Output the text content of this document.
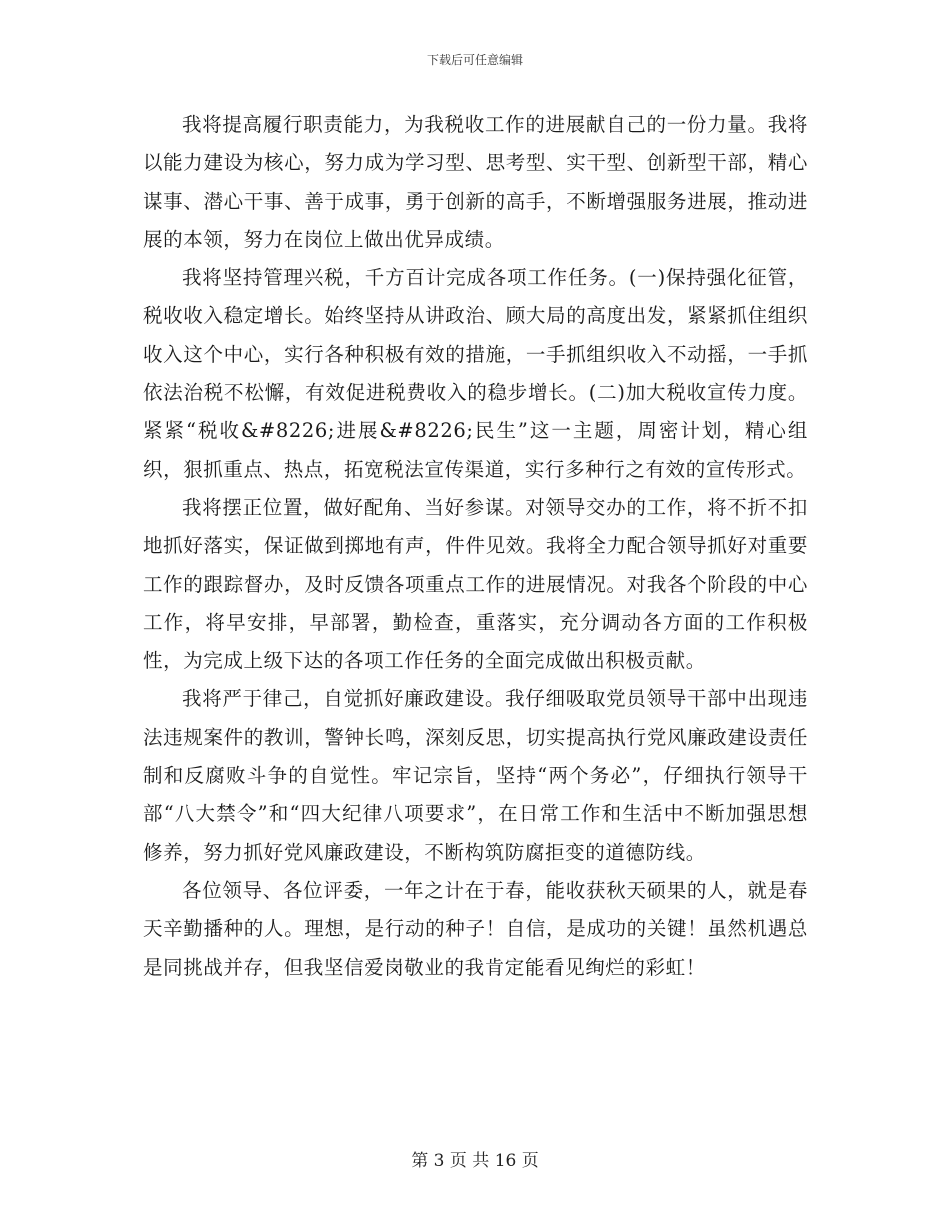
下载后可任意编辑

我将提高履行职责能力，为我税收工作的进展献自己的一份力量。我将以能力建设为核心，努力成为学习型、思考型、实干型、创新型干部，精心谋事、潜心干事、善于成事，勇于创新的高手，不断增强服务进展，推动进展的本领，努力在岗位上做出优异成绩。

我将坚持管理兴税，千方百计完成各项工作任务。(一)保持强化征管，税收收入稳定增长。始终坚持从讲政治、顾大局的高度出发，紧紧抓住组织收入这个中心，实行各种积极有效的措施，一手抓组织收入不动摇，一手抓依法治税不松懈，有效促进税费收入的稳步增长。(二)加大税收宣传力度。紧紧“税收&#8226;进展&#8226;民生”这一主题，周密计划，精心组织，狠抓重点、热点，拓宽税法宣传渠道，实行多种行之有效的宣传形式。

我将摆正位置，做好配角、当好参谋。对领导交办的工作，将不折不扣地抓好落实，保证做到掷地有声，件件见效。我将全力配合领导抓好对重要工作的跟踪督办，及时反馈各项重点工作的进展情况。对我各个阶段的中心工作，将早安排，早部署，勤检查，重落实，充分调动各方面的工作积极性，为完成上级下达的各项工作任务的全面完成做出积极贡献。

我将严于律己，自觉抓好廉政建设。我仔细吸取党员领导干部中出现违法违规案件的教训，警钟长鸣，深刻反思，切实提高执行党风廉政建设责任制和反腐败斗争的自觉性。牢记宗旨，坚持“两个务必”，仔细执行领导干部“八大禁令”和“四大纪律八项要求”，在日常工作和生活中不断加强思想修养，努力抓好党风廉政建设，不断构筑防腐拒变的道德防线。

各位领导、各位评委，一年之计在于春，能收获秋天硕果的人，就是春天辛勤播种的人。理想，是行动的种子！自信，是成功的关键！虽然机遇总是同挑战并存，但我坚信爱岗敬业的我肯定能看见绚烂的彩虹！

第 3 页 共 16 页
